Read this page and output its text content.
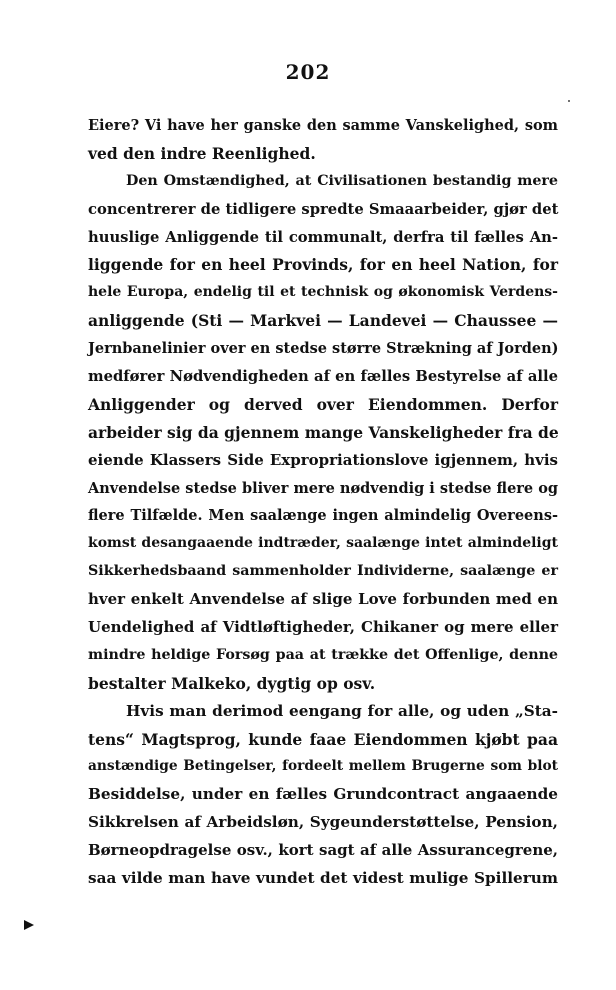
202
Eiere? Vi have her ganske den samme Vanskelighed, som
ved den indre Reenlighed.
Den Omstændighed, at Civilisationen bestandig mere
concentrerer de tidligere spredte Smaaarbeider, gjør det
huuslige Anliggende til communalt, derfra til fælles An-
liggende for en heel Provinds, for en heel Nation, for
hele Europa, endelig til et technisk og økonomisk Verdens-
anliggende (Sti — Markvei — Landevei — Chaussee —
Jernbanelinier over en stedse større Strækning af Jorden)
medfører Nødvendigheden af en fælles Bestyrelse af alle
Anliggender og derved over Eiendommen. Derfor
arbeider sig da gjennem mange Vanskeligheder fra de
eiende Klassers Side Expropriationslove igjennem, hvis
Anvendelse stedse bliver mere nødvendig i stedse flere og
flere Tilfælde. Men saalænge ingen almindelig Overeens-
komst desangaaende indtræder, saalænge intet almindeligt
Sikkerhedsbaand sammenholder Individerne, saalænge er
hver enkelt Anvendelse af slige Love forbunden med en
Uendelighed af Vidtløftigheder, Chikaner og mere eller
mindre heldige Forsøg paa at trække det Offenlige, denne
bestalter Malkeko, dygtig op osv.
Hvis man derimod eengang for alle, og uden „Sta-
tens“ Magtsprog, kunde faae Eiendommen kjøbt paa
anstændige Betingelser, fordeelt mellem Brugerne som blot
Besiddelse, under en fælles Grundcontract angaaende
Sikkrelsen af Arbeidsløn, Sygeunderstøttelse, Pension,
Børneopdragelse osv., kort sagt af alle Assurancegrene,
saa vilde man have vundet det videst mulige Spillerum
